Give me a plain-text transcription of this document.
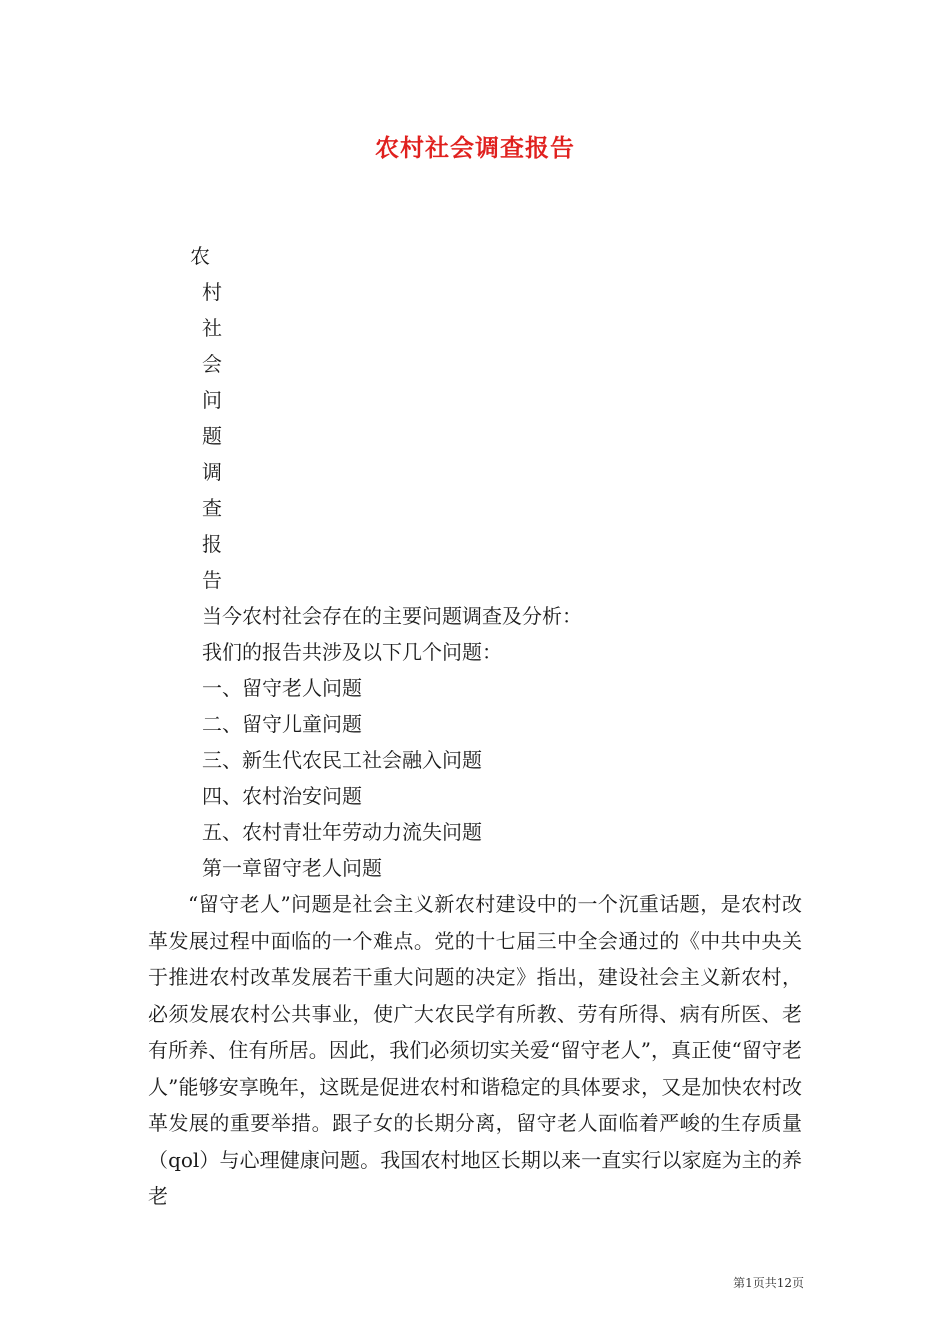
农村社会调查报告
农
村
社
会
问
题
调
查
报
告
当今农村社会存在的主要问题调查及分析：
我们的报告共涉及以下几个问题：
一、留守老人问题
二、留守儿童问题
三、新生代农民工社会融入问题
四、农村治安问题
五、农村青壮年劳动力流失问题
第一章留守老人问题

“留守老人”问题是社会主义新农村建设中的一个沉重话题，是农村改革发展过程中面临的一个难点。党的十七届三中全会通过的《中共中央关于推进农村改革发展若干重大问题的决定》指出，建设社会主义新农村，必须发展农村公共事业，使广大农民学有所教、劳有所得、病有所医、老有所养、住有所居。因此，我们必须切实关爱“留守老人”，真正使“留守老人”能够安享晚年，这既是促进农村和谐稳定的具体要求，又是加快农村改革发展的重要举措。跟子女的长期分离，留守老人面临着严峻的生存质量（qol）与心理健康问题。我国农村地区长期以来一直实行以家庭为主的养老

第1页共12页
